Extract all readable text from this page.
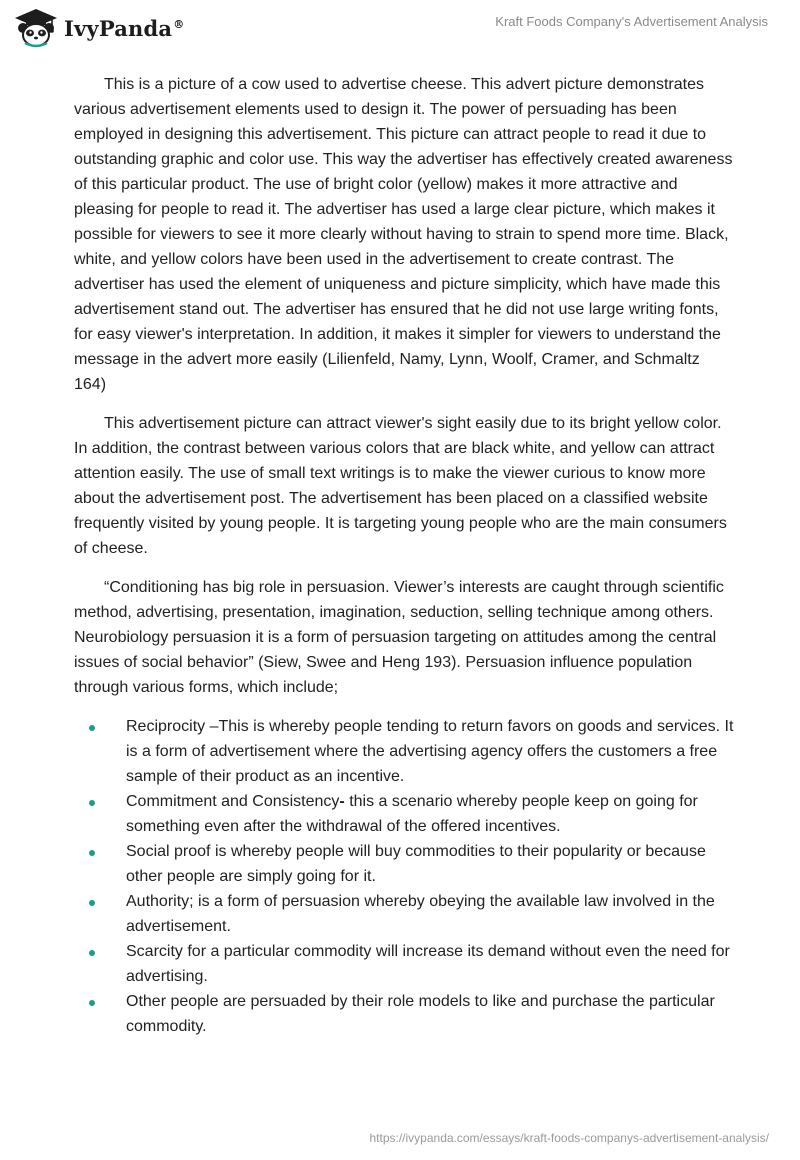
IvyPanda®	Kraft Foods Company's Advertisement Analysis

This is a picture of a cow used to advertise cheese. This advert picture demonstrates various advertisement elements used to design it. The power of persuading has been employed in designing this advertisement. This picture can attract people to read it due to outstanding graphic and color use. This way the advertiser has effectively created awareness of this particular product. The use of bright color (yellow) makes it more attractive and pleasing for people to read it. The advertiser has used a large clear picture, which makes it possible for viewers to see it more clearly without having to strain to spend more time. Black, white, and yellow colors have been used in the advertisement to create contrast. The advertiser has used the element of uniqueness and picture simplicity, which have made this advertisement stand out. The advertiser has ensured that he did not use large writing fonts, for easy viewer's interpretation. In addition, it makes it simpler for viewers to understand the message in the advert more easily (Lilienfeld, Namy, Lynn, Woolf, Cramer, and Schmaltz 164)

This advertisement picture can attract viewer's sight easily due to its bright yellow color. In addition, the contrast between various colors that are black white, and yellow can attract attention easily. The use of small text writings is to make the viewer curious to know more about the advertisement post. The advertisement has been placed on a classified website frequently visited by young people. It is targeting young people who are the main consumers of cheese.

“Conditioning has big role in persuasion. Viewer’s interests are caught through scientific method, advertising, presentation, imagination, seduction, selling technique among others. Neurobiology persuasion it is a form of persuasion targeting on attitudes among the central issues of social behavior” (Siew, Swee and Heng 193). Persuasion influence population through various forms, which include;

Reciprocity –This is whereby people tending to return favors on goods and services. It is a form of advertisement where the advertising agency offers the customers a free sample of their product as an incentive.
Commitment and Consistency- this a scenario whereby people keep on going for something even after the withdrawal of the offered incentives.
Social proof is whereby people will buy commodities to their popularity or because other people are simply going for it.
Authority; is a form of persuasion whereby obeying the available law involved in the advertisement.
Scarcity for a particular commodity will increase its demand without even the need for advertising.
Other people are persuaded by their role models to like and purchase the particular commodity.
https://ivypanda.com/essays/kraft-foods-companys-advertisement-analysis/
